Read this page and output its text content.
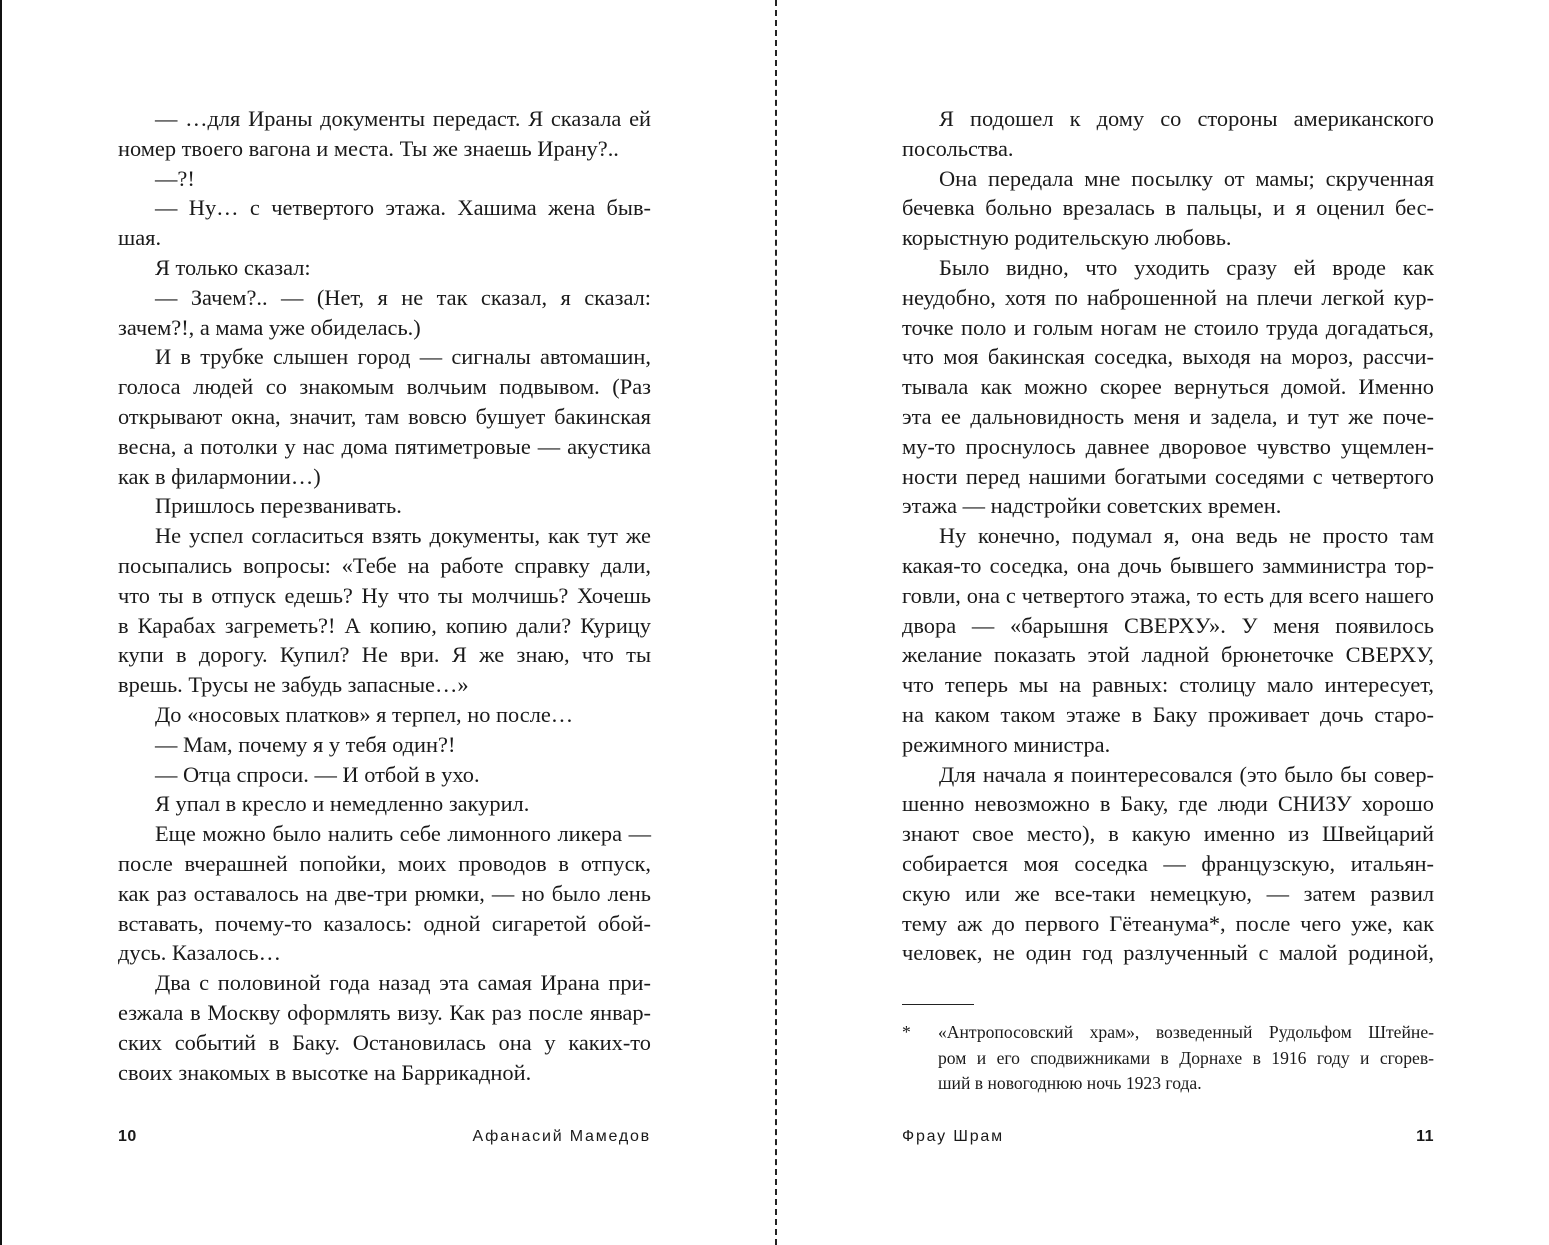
— …для Ираны документы передаст. Я сказала ей
номер твоего вагона и места. Ты же знаешь Ирану?..
—?!
— Ну… с четвертого этажа. Хашима жена быв-
шая.
Я только сказал:
— Зачем?.. — (Нет, я не так сказал, я сказал:
зачем?!, а мама уже обиделась.)
И в трубке слышен город — сигналы автомашин,
голоса людей со знакомым волчьим подвывом. (Раз
открывают окна, значит, там вовсю бушует бакинская
весна, а потолки у нас дома пятиметровые — акустика
как в филармонии…)
Пришлось перезванивать.
Не успел согласиться взять документы, как тут же
посыпались вопросы: «Тебе на работе справку дали,
что ты в отпуск едешь? Ну что ты молчишь? Хочешь
в Карабах загреметь?! А копию, копию дали? Курицу
купи в дорогу. Купил? Не ври. Я же знаю, что ты
врешь. Трусы не забудь запасные…»
До «носовых платков» я терпел, но после…
— Мам, почему я у тебя один?!
— Отца спроси. — И отбой в ухо.
Я упал в кресло и немедленно закурил.
Еще можно было налить себе лимонного ликера —
после вчерашней попойки, моих проводов в отпуск,
как раз оставалось на две-три рюмки, — но было лень
вставать, почему-то казалось: одной сигаретой обой-
дусь. Казалось…
Два с половиной года назад эта самая Ирана при-
езжала в Москву оформлять визу. Как раз после январ-
ских событий в Баку. Остановилась она у каких-то
своих знакомых в высотке на Баррикадной.
10	Афанасий Мамедов
Я подошел к дому со стороны американского
посольства.
Она передала мне посылку от мамы; скрученная
бечевка больно врезалась в пальцы, и я оценил бес-
корыстную родительскую любовь.
Было видно, что уходить сразу ей вроде как
неудобно, хотя по наброшенной на плечи легкой кур-
точке поло и голым ногам не стоило труда догадаться,
что моя бакинская соседка, выходя на мороз, рассчи-
тывала как можно скорее вернуться домой. Именно
эта ее дальновидность меня и задела, и тут же поче-
му-то проснулось давнее дворовое чувство ущемлен-
ности перед нашими богатыми соседями с четвертого
этажа — надстройки советских времен.
Ну конечно, подумал я, она ведь не просто там
какая-то соседка, она дочь бывшего замминистра тор-
говли, она с четвертого этажа, то есть для всего нашего
двора — «барышня СВЕРХУ». У меня появилось
желание показать этой ладной брюнеточке СВЕРХУ,
что теперь мы на равных: столицу мало интересует,
на каком таком этаже в Баку проживает дочь старо-
режимного министра.
Для начала я поинтересовался (это было бы совер-
шенно невозможно в Баку, где люди СНИЗУ хорошо
знают свое место), в какую именно из Швейцарий
собирается моя соседка — французскую, итальян-
скую или же все-таки немецкую, — затем развил
тему аж до первого Гётеанума*, после чего уже, как
человек, не один год разлученный с малой родиной,
* «Антропосовский храм», возведенный Рудольфом Штейне-
ром и его сподвижниками в Дорнахе в 1916 году и сгорев-
ший в новогоднюю ночь 1923 года.
Фрау Шрам	11
